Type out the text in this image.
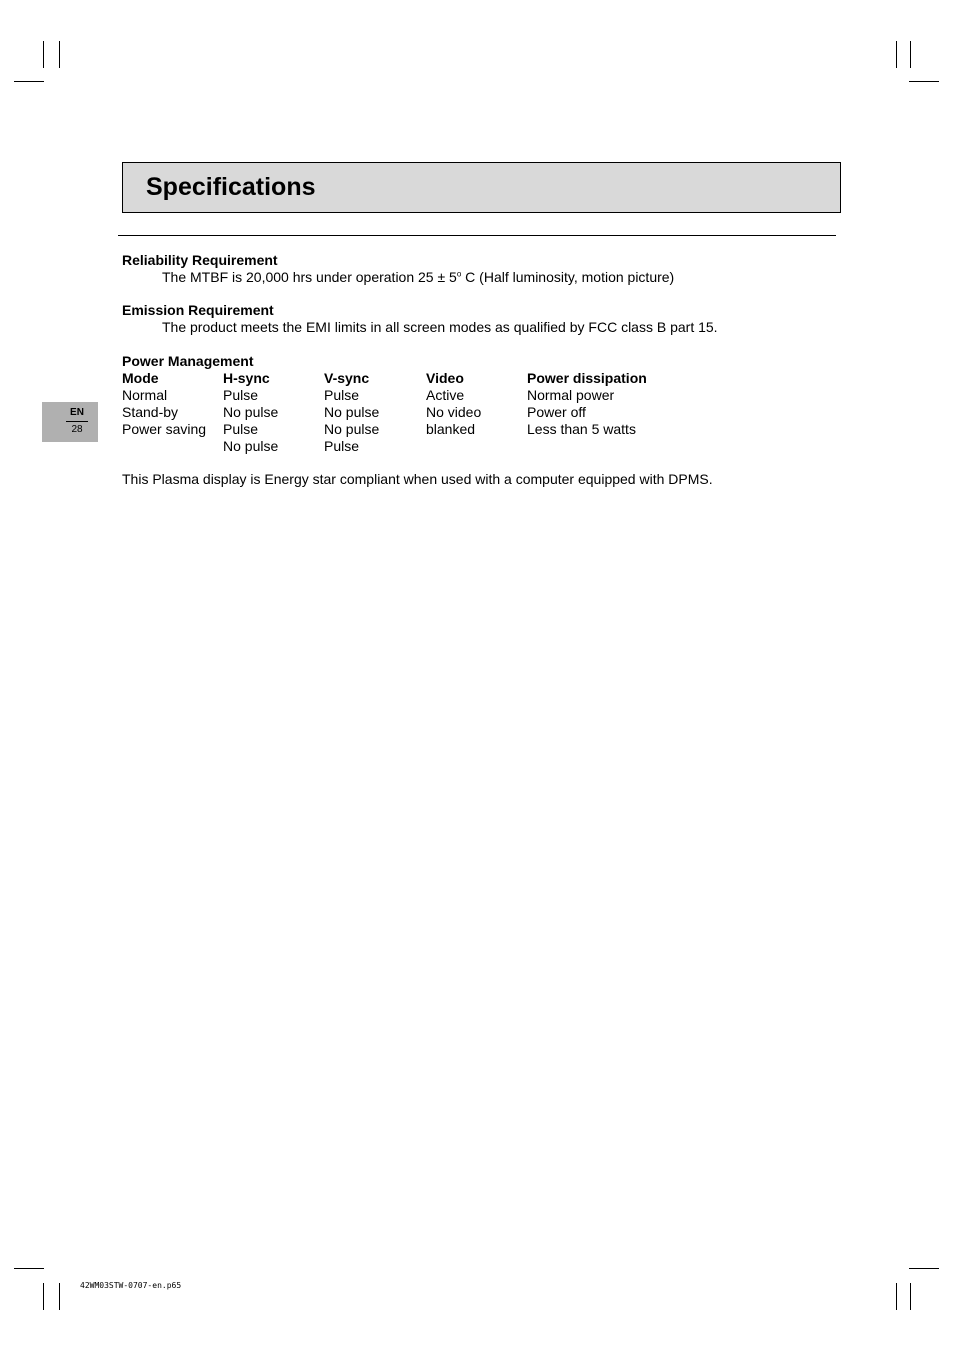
Specifications
Reliability Requirement
The MTBF is 20,000 hrs under operation $25 \pm 5^o$ C (Half luminosity, motion picture)
Emission Requirement
The product meets the EMI limits in all screen modes as qualified by FCC class B part 15.
Power Management
Mode	H-sync	V-sync	Video	Power dissipation
Normal	Pulse	Pulse	Active	Normal power
Stand-by	No pulse	No pulse	No video	Power off
Power saving	Pulse	No pulse	blanked	Less than 5 watts
	No pulse	Pulse		
This Plasma display is Energy star compliant when used with a computer equipped with DPMS.
EN
28
42WM03STW-0707-en.p65
